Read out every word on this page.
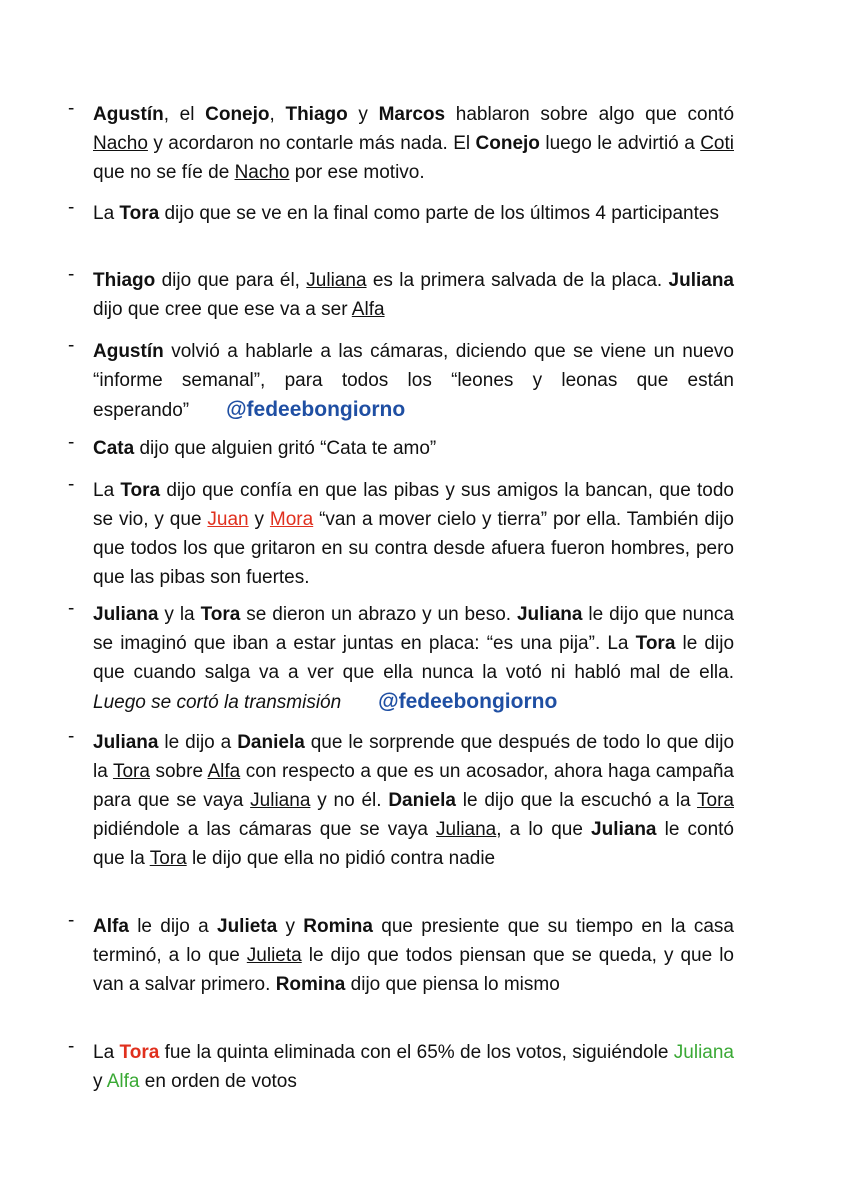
- Agustín, el Conejo, Thiago y Marcos hablaron sobre algo que contó Nacho y acordaron no contarle más nada. El Conejo luego le advirtió a Coti que no se fíe de Nacho por ese motivo.
- La Tora dijo que se ve en la final como parte de los últimos 4 participantes
- Thiago dijo que para él, Juliana es la primera salvada de la placa. Juliana dijo que cree que ese va a ser Alfa
- Agustín volvió a hablarle a las cámaras, diciendo que se viene un nuevo “informe semanal”, para todos los “leones y leonas que están esperando” @fedeebongiorno
- Cata dijo que alguien gritó “Cata te amo”
- La Tora dijo que confía en que las pibas y sus amigos la bancan, que todo se vio, y que Juan y Mora “van a mover cielo y tierra” por ella. También dijo que todos los que gritaron en su contra desde afuera fueron hombres, pero que las pibas son fuertes.
- Juliana y la Tora se dieron un abrazo y un beso. Juliana le dijo que nunca se imaginó que iban a estar juntas en placa: “es una pija”. La Tora le dijo que cuando salga va a ver que ella nunca la votó ni habló mal de ella. Luego se cortó la transmisión @fedeebongiorno
- Juliana le dijo a Daniela que le sorprende que después de todo lo que dijo la Tora sobre Alfa con respecto a que es un acosador, ahora haga campaña para que se vaya Juliana y no él. Daniela le dijo que la escuchó a la Tora pidiéndole a las cámaras que se vaya Juliana, a lo que Juliana le contó que la Tora le dijo que ella no pidió contra nadie
- Alfa le dijo a Julieta y Romina que presiente que su tiempo en la casa terminó, a lo que Julieta le dijo que todos piensan que se queda, y que lo van a salvar primero. Romina dijo que piensa lo mismo
- La Tora fue la quinta eliminada con el 65% de los votos, siguiéndole Juliana y Alfa en orden de votos
